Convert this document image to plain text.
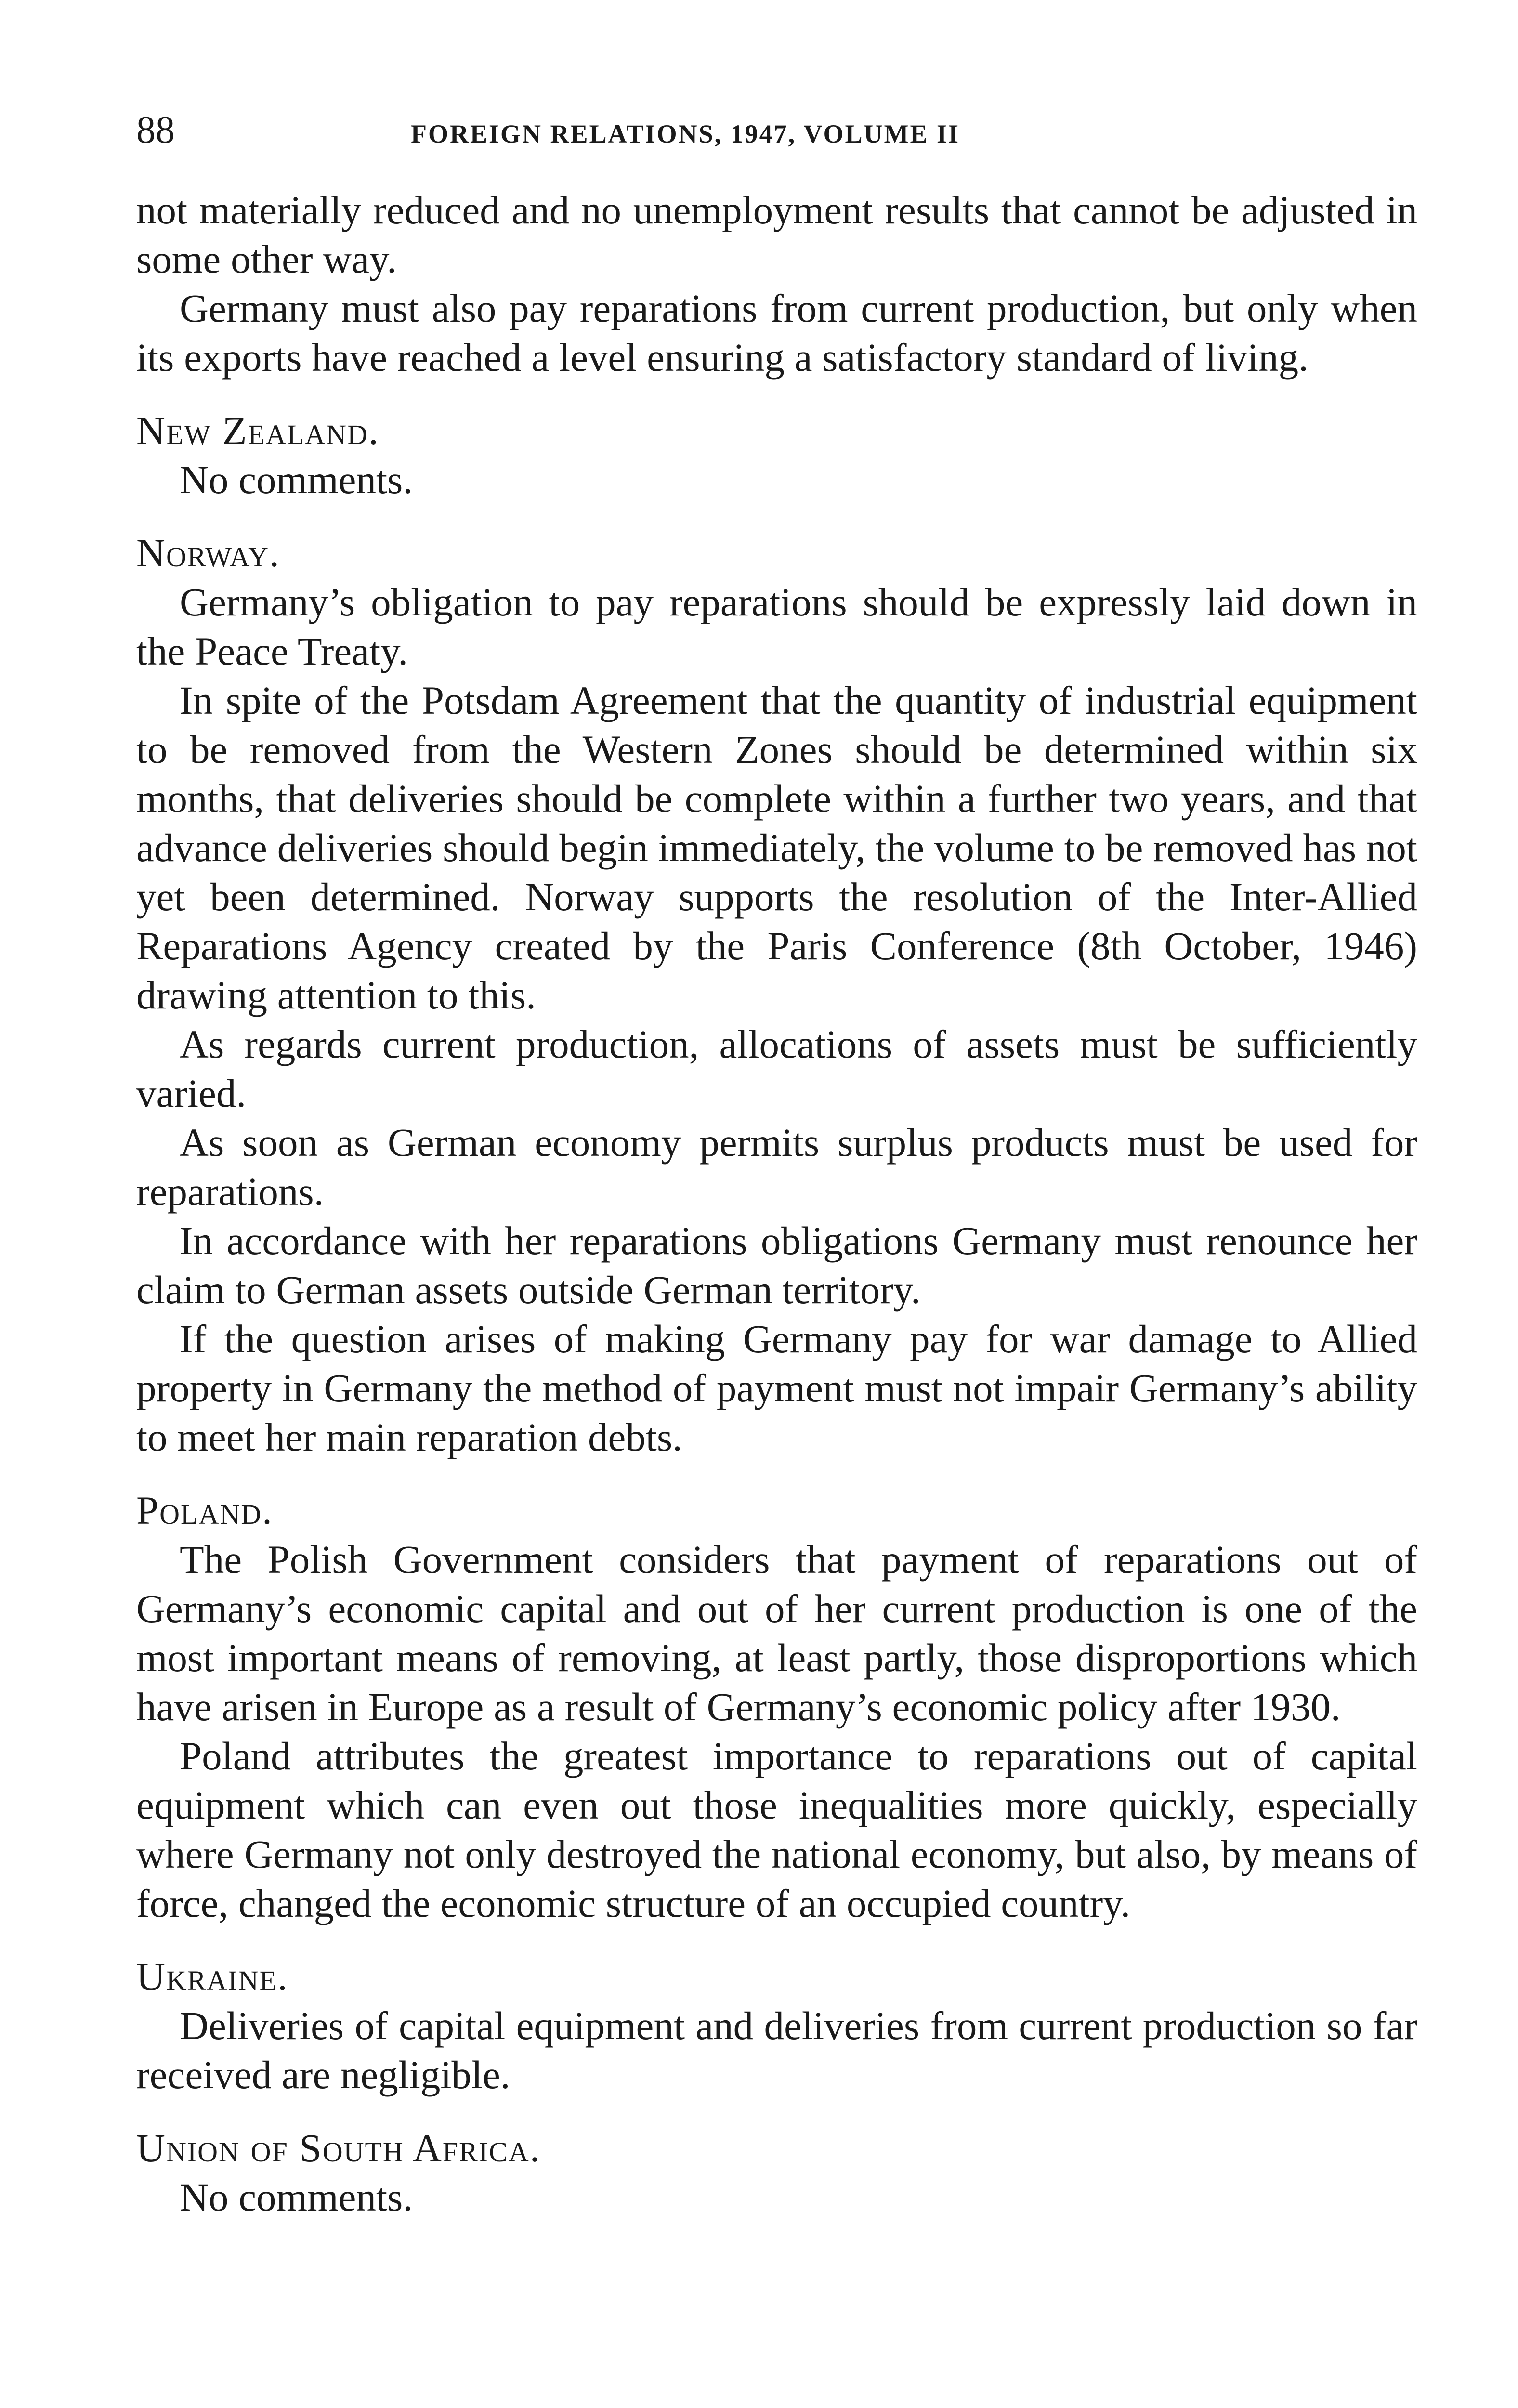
88	FOREIGN RELATIONS, 1947, VOLUME II

not materially reduced and no unemployment results that cannot be adjusted in some other way.

Germany must also pay reparations from current production, but only when its exports have reached a level ensuring a satisfactory standard of living.

New Zealand.

No comments.

Norway.

Germany’s obligation to pay reparations should be expressly laid down in the Peace Treaty.

In spite of the Potsdam Agreement that the quantity of industrial equipment to be removed from the Western Zones should be determined within six months, that deliveries should be complete within a further two years, and that advance deliveries should begin immediately, the volume to be removed has not yet been determined. Norway supports the resolution of the Inter-Allied Reparations Agency created by the Paris Conference (8th October, 1946) drawing attention to this.

As regards current production, allocations of assets must be sufficiently varied.

As soon as German economy permits surplus products must be used for reparations.

In accordance with her reparations obligations Germany must renounce her claim to German assets outside German territory.

If the question arises of making Germany pay for war damage to Allied property in Germany the method of payment must not impair Germany’s ability to meet her main reparation debts.

Poland.

The Polish Government considers that payment of reparations out of Germany’s economic capital and out of her current production is one of the most important means of removing, at least partly, those disproportions which have arisen in Europe as a result of Germany’s economic policy after 1930.

Poland attributes the greatest importance to reparations out of capital equipment which can even out those inequalities more quickly, especially where Germany not only destroyed the national economy, but also, by means of force, changed the economic structure of an occupied country.

Ukraine.

Deliveries of capital equipment and deliveries from current production so far received are negligible.

Union of South Africa.

No comments.
